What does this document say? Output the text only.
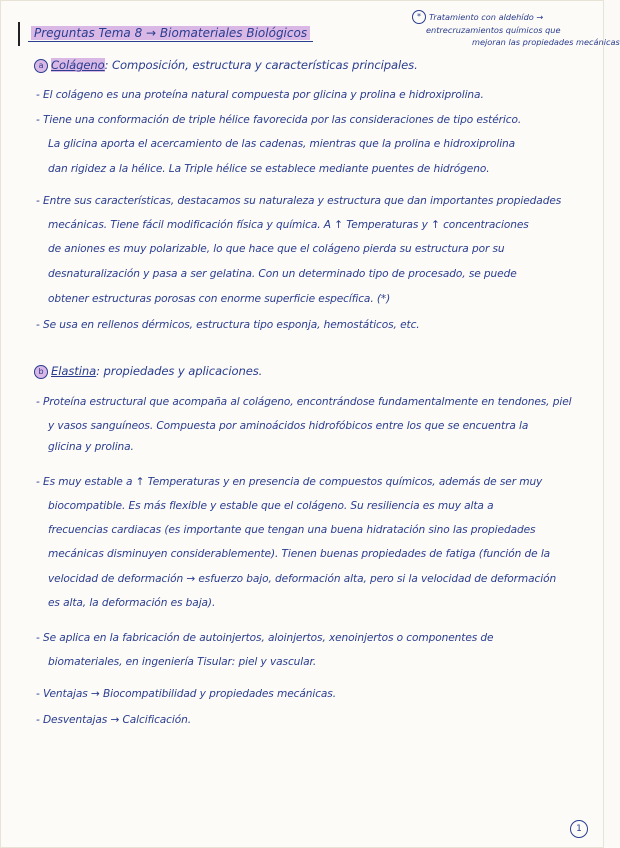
Preguntas Tema 8 → Biomateriales Biológicos
* Tratamiento con aldehído →
entrecruzamientos químicos que
mejoran las propiedades mecánicas
a Colágeno: Composición, estructura y características principales.
- El colágeno es una proteína natural compuesta por glicina y prolina e hidroxiprolina.
- Tiene una conformación de triple hélice favorecida por las consideraciones de tipo estérico.
La glicina aporta el acercamiento de las cadenas, mientras que la prolina e hidroxiprolina
dan rigidez a la hélice. La Triple hélice se establece mediante puentes de hidrógeno.
- Entre sus características, destacamos su naturaleza y estructura que dan importantes propiedades
mecánicas. Tiene fácil modificación física y química. A ↑ Temperaturas y ↑ concentraciones
de aniones es muy polarizable, lo que hace que el colágeno pierda su estructura por su
desnaturalización y pasa a ser gelatina. Con un determinado tipo de procesado, se puede
obtener estructuras porosas con enorme superficie específica. (*)
- Se usa en rellenos dérmicos, estructura tipo esponja, hemostáticos, etc.
b Elastina: propiedades y aplicaciones.
- Proteína estructural que acompaña al colágeno, encontrándose fundamentalmente en tendones, piel
y vasos sanguíneos. Compuesta por aminoácidos hidrofóbicos entre los que se encuentra la
glicina y prolina.
- Es muy estable a ↑ Temperaturas y en presencia de compuestos químicos, además de ser muy
biocompatible. Es más flexible y estable que el colágeno. Su resiliencia es muy alta a
frecuencias cardiacas (es importante que tengan una buena hidratación sino las propiedades
mecánicas disminuyen considerablemente). Tienen buenas propiedades de fatiga (función de la
velocidad de deformación → esfuerzo bajo, deformación alta, pero si la velocidad de deformación
es alta, la deformación es baja).
- Se aplica en la fabricación de autoinjertos, aloinjertos, xenoinjertos o componentes de
biomateriales, en ingeniería Tisular: piel y vascular.
- Ventajas → Biocompatibilidad y propiedades mecánicas.
- Desventajas → Calcificación.
1
